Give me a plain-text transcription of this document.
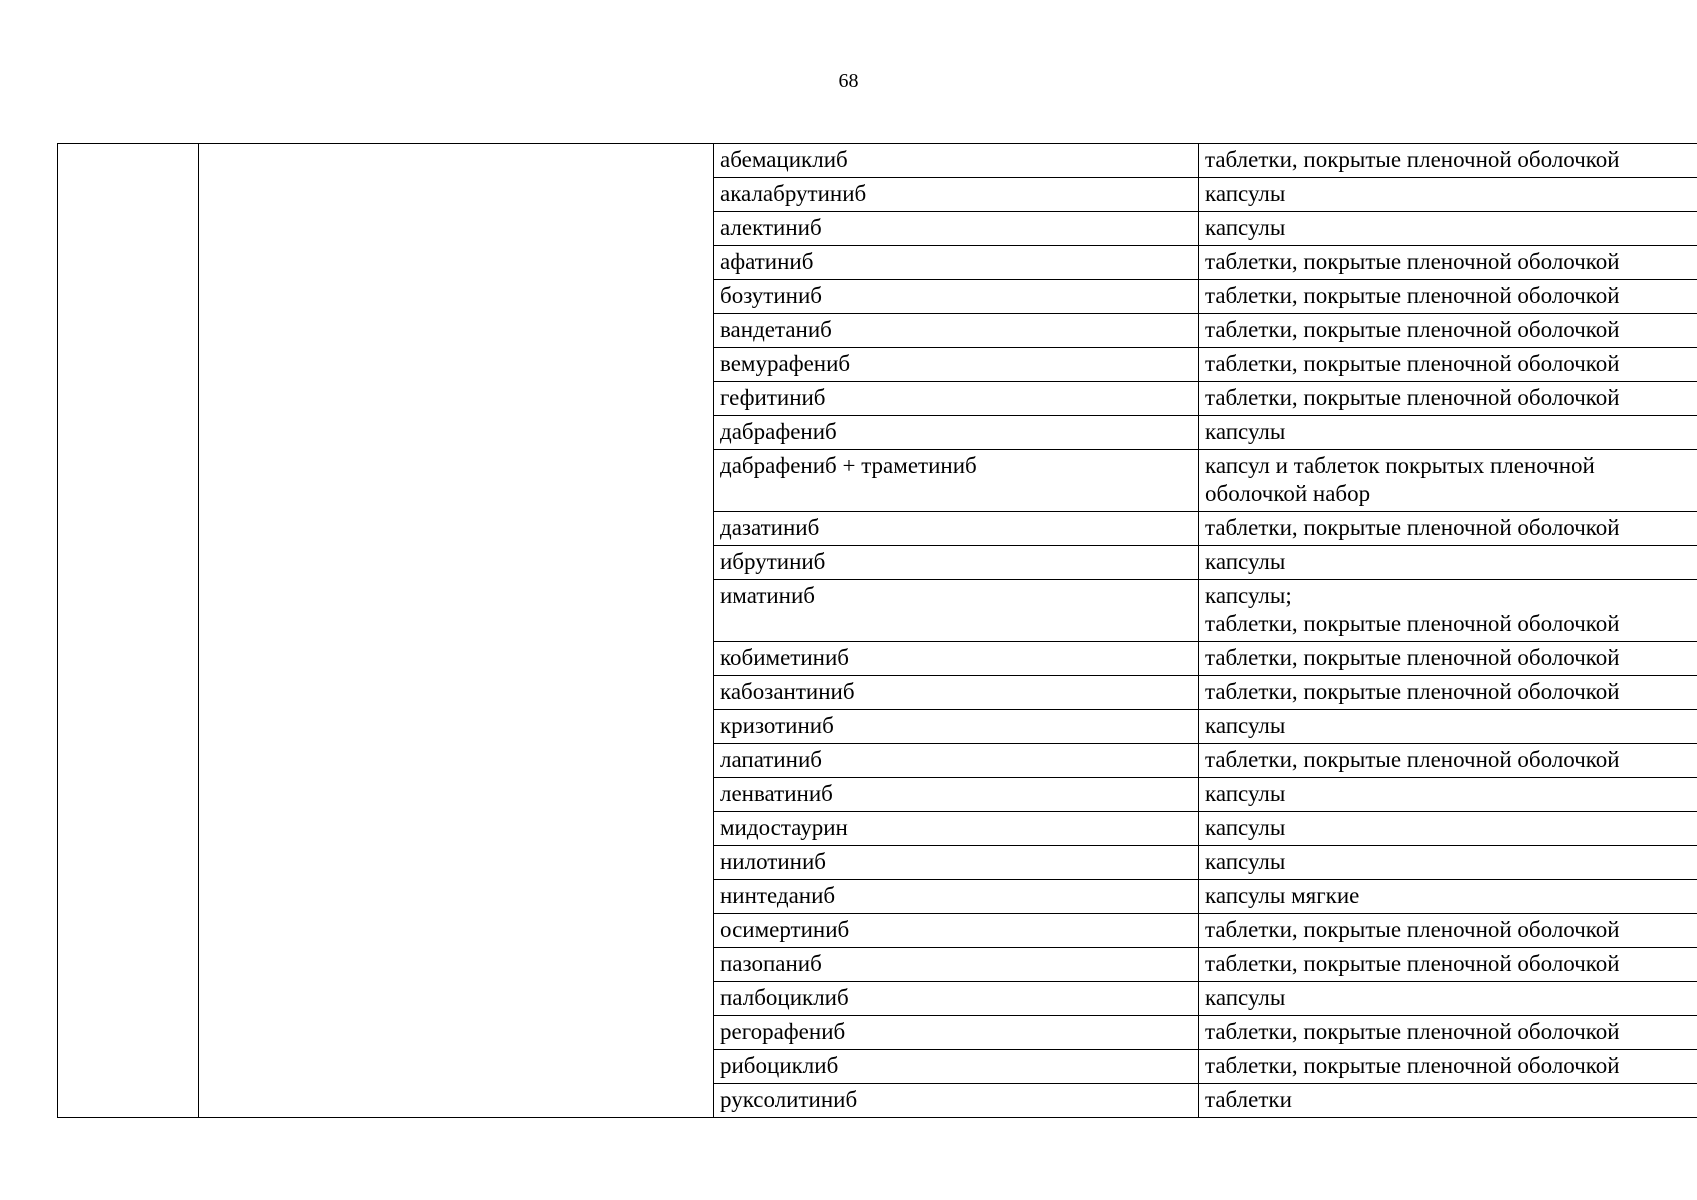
68
		абемациклиб	таблетки, покрытые пленочной оболочкой

		акалабрутиниб	капсулы

		алектиниб	капсулы

		афатиниб	таблетки, покрытые пленочной оболочкой

		бозутиниб	таблетки, покрытые пленочной оболочкой

		вандетаниб	таблетки, покрытые пленочной оболочкой

		вемурафениб	таблетки, покрытые пленочной оболочкой

		гефитиниб	таблетки, покрытые пленочной оболочкой

		дабрафениб	капсулы

		дабрафениб + траметиниб	капсул и таблеток покрытых пленочной оболочкой набор

		дазатиниб	таблетки, покрытые пленочной оболочкой

		ибрутиниб	капсулы

		иматиниб	капсулы;
таблетки, покрытые пленочной оболочкой

		кобиметиниб	таблетки, покрытые пленочной оболочкой

		кабозантиниб	таблетки, покрытые пленочной оболочкой

		кризотиниб	капсулы

		лапатиниб	таблетки, покрытые пленочной оболочкой

		ленватиниб	капсулы

		мидостаурин	капсулы

		нилотиниб	капсулы

		нинтеданиб	капсулы мягкие

		осимертиниб	таблетки, покрытые пленочной оболочкой

		пазопаниб	таблетки, покрытые пленочной оболочкой

		палбоциклиб	капсулы

		регорафениб	таблетки, покрытые пленочной оболочкой

		рибоциклиб	таблетки, покрытые пленочной оболочкой

		руксолитиниб	таблетки
